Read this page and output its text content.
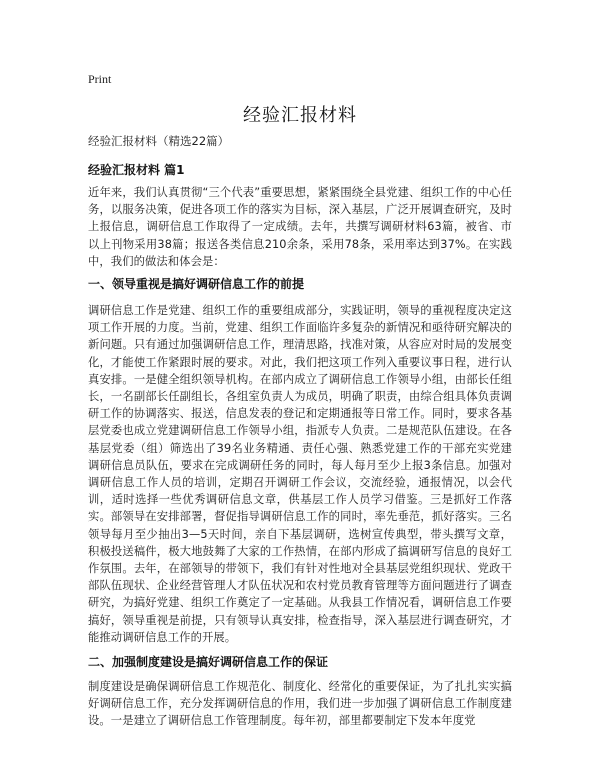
Print
经验汇报材料
经验汇报材料（精选22篇）
经验汇报材料 篇1

近年来，我们认真贯彻“三个代表”重要思想，紧紧围绕全县党建、组织工作的中心任务，以服务决策，促进各项工作的落实为目标，深入基层，广泛开展调查研究，及时上报信息，调研信息工作取得了一定成绩。去年，共撰写调研材料63篇，被省、市以上刊物采用38篇；报送各类信息210余条，采用78条，采用率达到37%。在实践中，我们的做法和体会是：

一、领导重视是搞好调研信息工作的前提

调研信息工作是党建、组织工作的重要组成部分，实践证明，领导的重视程度决定这项工作开展的力度。当前，党建、组织工作面临许多复杂的新情况和亟待研究解决的新问题。只有通过加强调研信息工作，理清思路，找准对策，从容应对时局的发展变化，才能使工作紧跟时展的要求。对此，我们把这项工作列入重要议事日程，进行认真安排。一是健全组织领导机构。在部内成立了调研信息工作领导小组，由部长任组长，一名副部长任副组长，各组室负责人为成员，明确了职责，由综合组具体负责调研工作的协调落实、报送，信息发表的登记和定期通报等日常工作。同时，要求各基层党委也成立党建调研信息工作领导小组，指派专人负责。二是规范队伍建设。在各基层党委（组）筛选出了39名业务精通、责任心强、熟悉党建工作的干部充实党建调研信息员队伍，要求在完成调研任务的同时，每人每月至少上报3条信息。加强对调研信息工作人员的培训，定期召开调研工作会议，交流经验，通报情况，以会代训，适时选择一些优秀调研信息文章，供基层工作人员学习借鉴。三是抓好工作落实。部领导在安排部署，督促指导调研信息工作的同时，率先垂范，抓好落实。三名领导每月至少抽出3—5天时间，亲自下基层调研，选树宣传典型，带头撰写文章，积极投送稿件，极大地鼓舞了大家的工作热情，在部内形成了搞调研写信息的良好工作氛围。去年，在部领导的带领下，我们有针对性地对全县基层党组织现状、党政干部队伍现状、企业经营管理人才队伍状况和农村党员教育管理等方面问题进行了调查研究，为搞好党建、组织工作奠定了一定基础。从我县工作情况看，调研信息工作要搞好，领导重视是前提，只有领导认真安排，检查指导，深入基层进行调查研究，才能推动调研信息工作的开展。

二、加强制度建设是搞好调研信息工作的保证

制度建设是确保调研信息工作规范化、制度化、经常化的重要保证，为了扎扎实实搞好调研信息工作，充分发挥调研信息的作用，我们进一步加强了调研信息工作制度建设。一是建立了调研信息工作管理制度。每年初，部里都要制定下发本年度党
